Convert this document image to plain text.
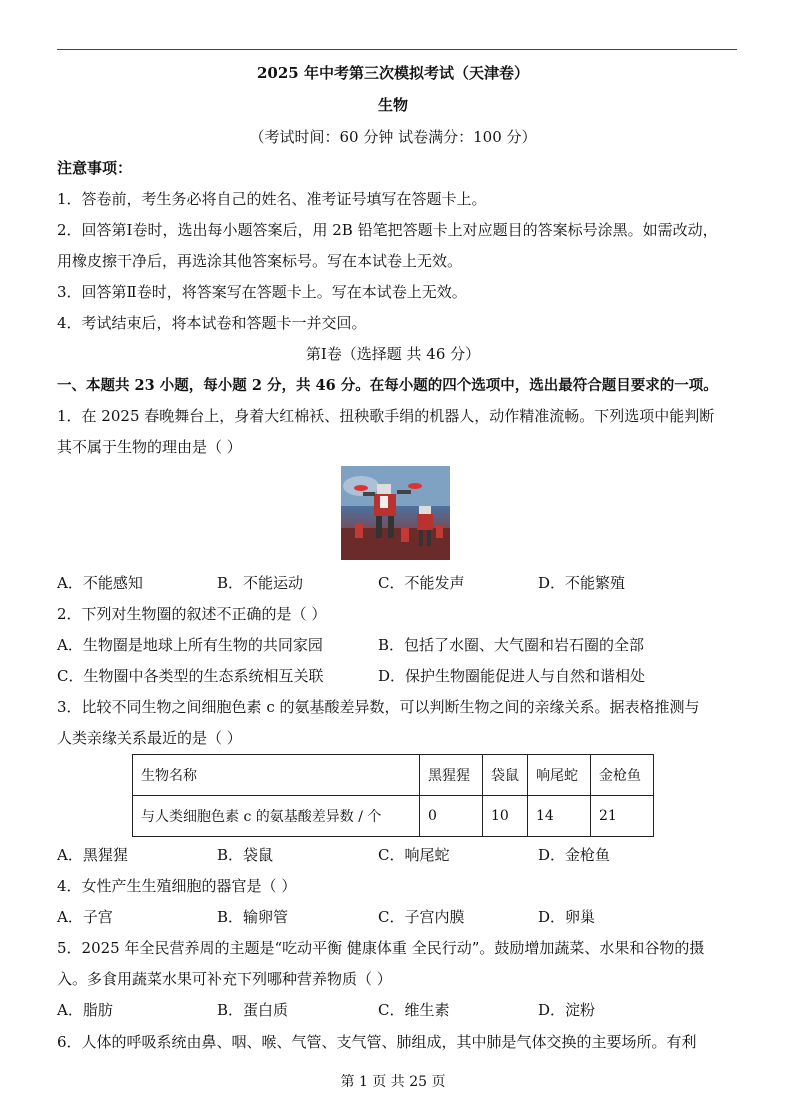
2025 年中考第三次模拟考试（天津卷）
生物
（考试时间：60 分钟 试卷满分：100 分）
注意事项：
1．答卷前，考生务必将自己的姓名、准考证号填写在答题卡上。
2．回答第Ⅰ卷时，选出每小题答案后，用 2B 铅笔把答题卡上对应题目的答案标号涂黑。如需改动，
用橡皮擦干净后，再选涂其他答案标号。写在本试卷上无效。
3．回答第Ⅱ卷时，将答案写在答题卡上。写在本试卷上无效。
4．考试结束后，将本试卷和答题卡一并交回。
第Ⅰ卷（选择题 共 46 分）
一、本题共 23 小题，每小题 2 分，共 46 分。在每小题的四个选项中，选出最符合题目要求的一项。
1．在 2025 春晚舞台上，身着大红棉袄、扭秧歌手绢的机器人，动作精准流畅。下列选项中能判断
其不属于生物的理由是（ ）
A．不能感知	B．不能运动	C．不能发声	D．不能繁殖
2．下列对生物圈的叙述不正确的是（ ）
A．生物圈是地球上所有生物的共同家园	B．包括了水圈、大气圈和岩石圈的全部
C．生物圈中各类型的生态系统相互关联	D．保护生物圈能促进人与自然和谐相处
3．比较不同生物之间细胞色素 c 的氨基酸差异数，可以判断生物之间的亲缘关系。据表格推测与
人类亲缘关系最近的是（ ）
生物名称	黑猩猩	袋鼠	响尾蛇	金枪鱼
与人类细胞色素 c 的氨基酸差异数 / 个	0	10	14	21
A．黑猩猩	B．袋鼠	C．响尾蛇	D．金枪鱼
4．女性产生生殖细胞的器官是（ ）
A．子宫	B．输卵管	C．子宫内膜	D．卵巢
5．2025 年全民营养周的主题是“吃动平衡 健康体重 全民行动”。鼓励增加蔬菜、水果和谷物的摄
入。多食用蔬菜水果可补充下列哪种营养物质（ ）
A．脂肪	B．蛋白质	C．维生素	D．淀粉
6．人体的呼吸系统由鼻、咽、喉、气管、支气管、肺组成，其中肺是气体交换的主要场所。有利
第 1 页 共 25 页
